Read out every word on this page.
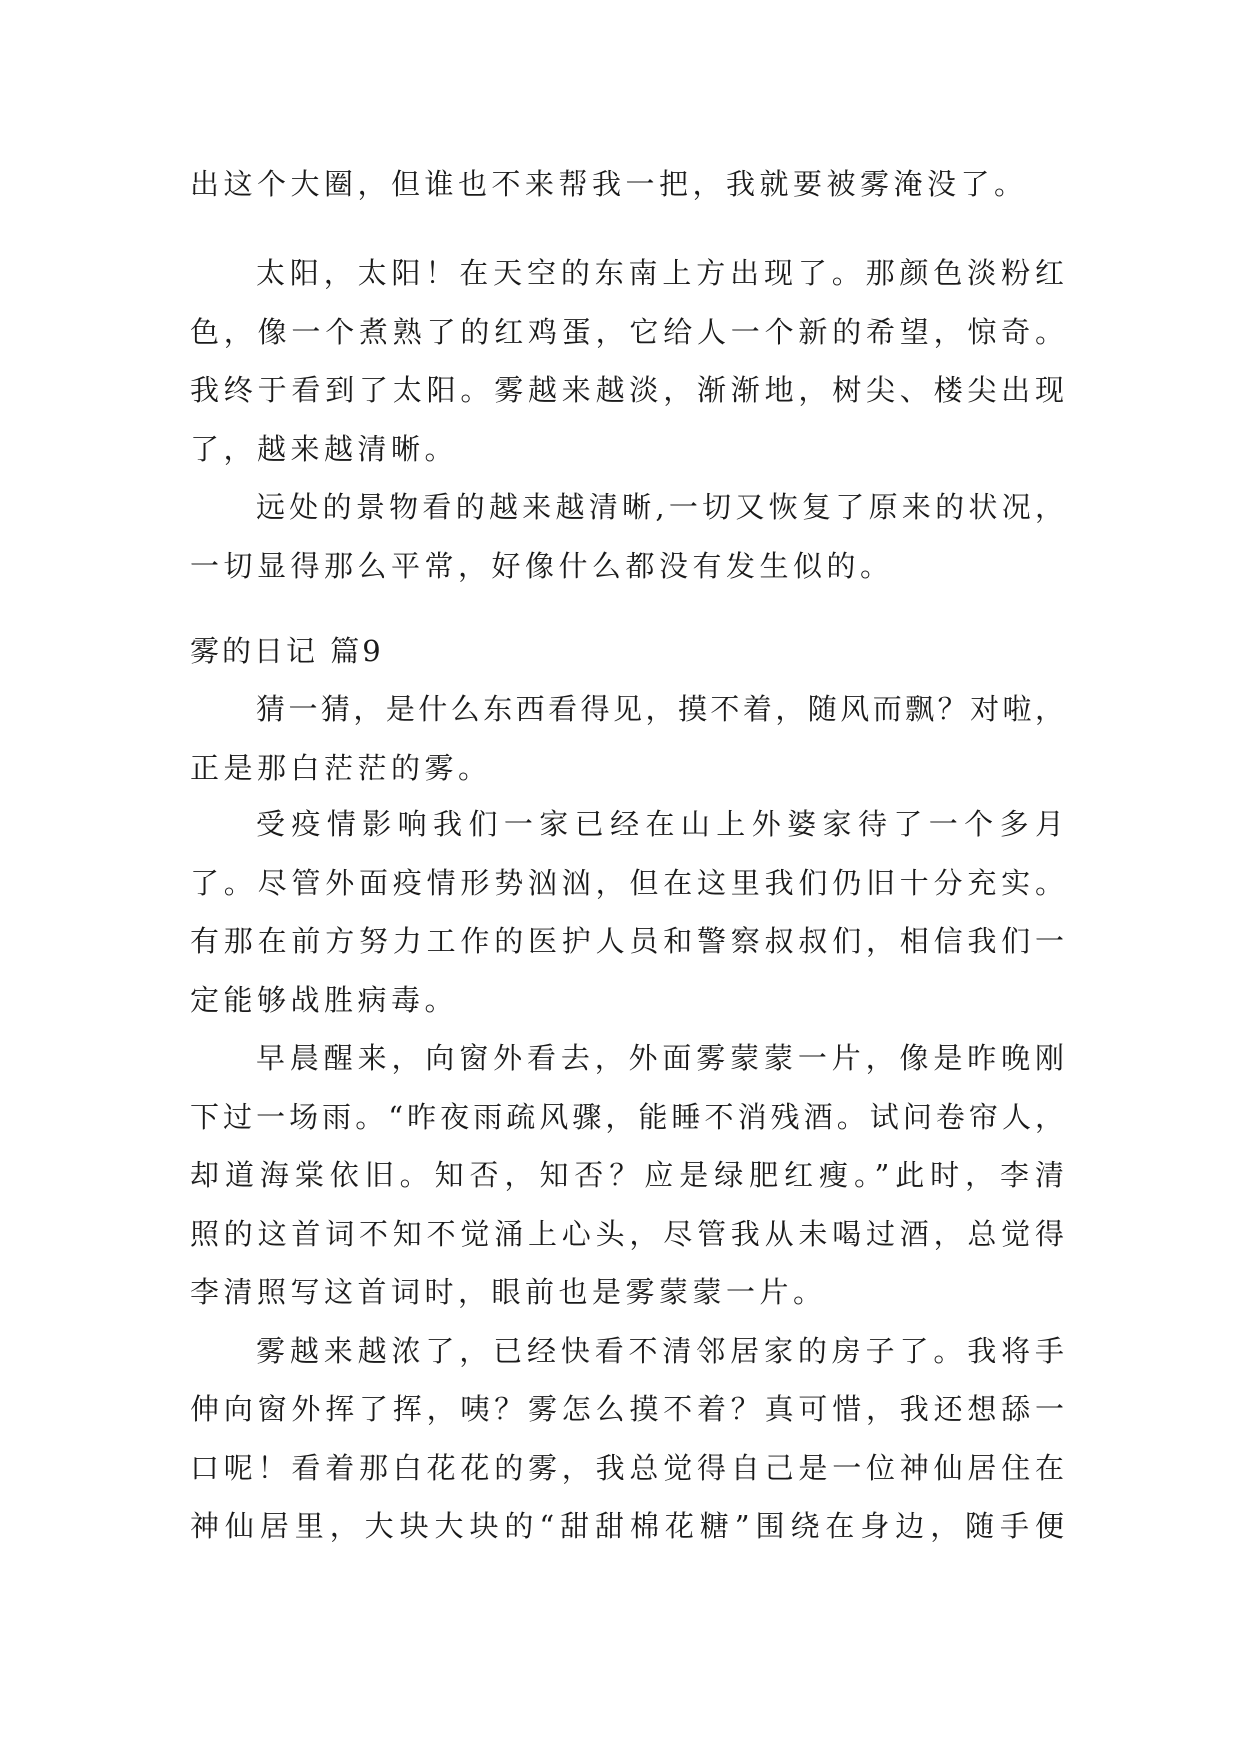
出这个大圈，但谁也不来帮我一把，我就要被雾淹没了。
太阳，太阳！在天空的东南上方出现了。那颜色淡粉红
色，像一个煮熟了的红鸡蛋，它给人一个新的希望，惊奇。
我终于看到了太阳。雾越来越淡，渐渐地，树尖、楼尖出现
了，越来越清晰。
远处的景物看的越来越清晰,一切又恢复了原来的状况，
一切显得那么平常，好像什么都没有发生似的。
雾的日记 篇9
猜一猜，是什么东西看得见，摸不着，随风而飘？对啦，
正是那白茫茫的雾。
受疫情影响我们一家已经在山上外婆家待了一个多月
了。尽管外面疫情形势汹汹，但在这里我们仍旧十分充实。
有那在前方努力工作的医护人员和警察叔叔们，相信我们一
定能够战胜病毒。
早晨醒来，向窗外看去，外面雾蒙蒙一片，像是昨晚刚
下过一场雨。“昨夜雨疏风骤，能睡不消残酒。试问卷帘人，
却道海棠依旧。知否，知否？应是绿肥红瘦。”此时，李清
照的这首词不知不觉涌上心头，尽管我从未喝过酒，总觉得
李清照写这首词时，眼前也是雾蒙蒙一片。
雾越来越浓了，已经快看不清邻居家的房子了。我将手
伸向窗外挥了挥，咦？雾怎么摸不着？真可惜，我还想舔一
口呢！看着那白花花的雾，我总觉得自己是一位神仙居住在
神仙居里，大块大块的“甜甜棉花糖”围绕在身边，随手便
